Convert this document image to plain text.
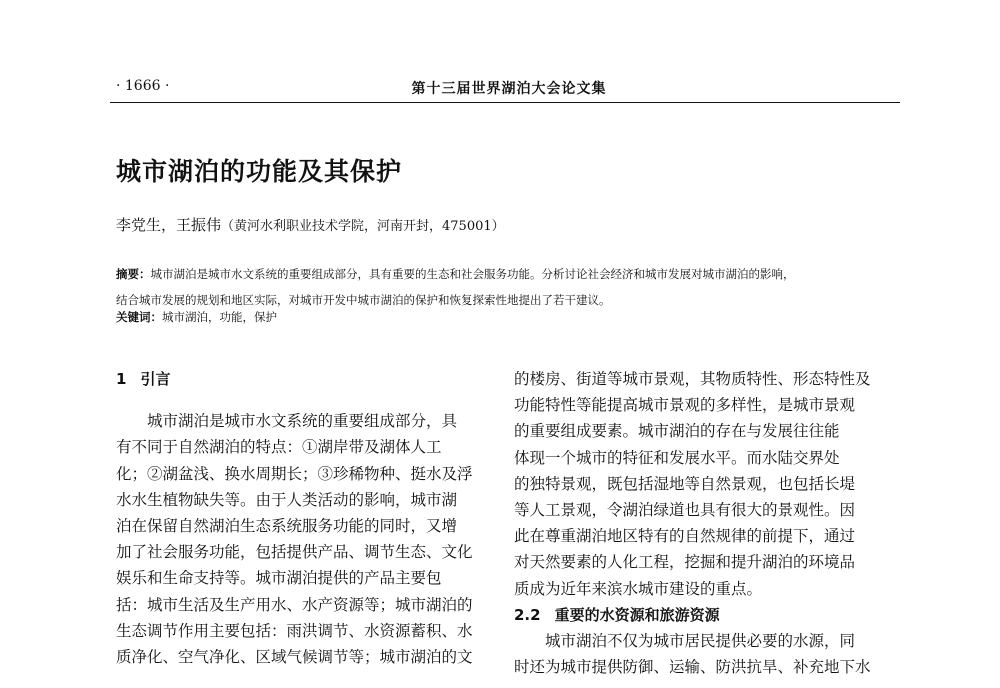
· 1666 ·	第十三届世界湖泊大会论文集
城市湖泊的功能及其保护
李党生，王振伟（黄河水利职业技术学院，河南开封，475001）
摘要：城市湖泊是城市水文系统的重要组成部分，具有重要的生态和社会服务功能。分析讨论社会经济和城市发展对城市湖泊的影响，
结合城市发展的规划和地区实际，对城市开发中城市湖泊的保护和恢复探索性地提出了若干建议。
关键词：城市湖泊，功能，保护
1 引言
城市湖泊是城市水文系统的重要组成部分，具
有不同于自然湖泊的特点：①湖岸带及湖体人工
化；②湖盆浅、换水周期长；③珍稀物种、挺水及浮
水水生植物缺失等。由于人类活动的影响，城市湖
泊在保留自然湖泊生态系统服务功能的同时，又增
加了社会服务功能，包括提供产品、调节生态、文化
娱乐和生命支持等。城市湖泊提供的产品主要包
括：城市生活及生产用水、水产资源等；城市湖泊的
生态调节作用主要包括：雨洪调节、水资源蓄积、水
质净化、空气净化、区域气候调节等；城市湖泊的文
的楼房、街道等城市景观，其物质特性、形态特性及
功能特性等能提高城市景观的多样性，是城市景观
的重要组成要素。城市湖泊的存在与发展往往能
体现一个城市的特征和发展水平。而水陆交界处
的独特景观，既包括湿地等自然景观，也包括长堤
等人工景观，令湖泊绿道也具有很大的景观性。因
此在尊重湖泊地区特有的自然规律的前提下，通过
对天然要素的人化工程，挖掘和提升湖泊的环境品
质成为近年来滨水城市建设的重点。
2.2 重要的水资源和旅游资源
城市湖泊不仅为城市居民提供必要的水源，同
时还为城市提供防御、运输、防洪抗旱、补充地下水
